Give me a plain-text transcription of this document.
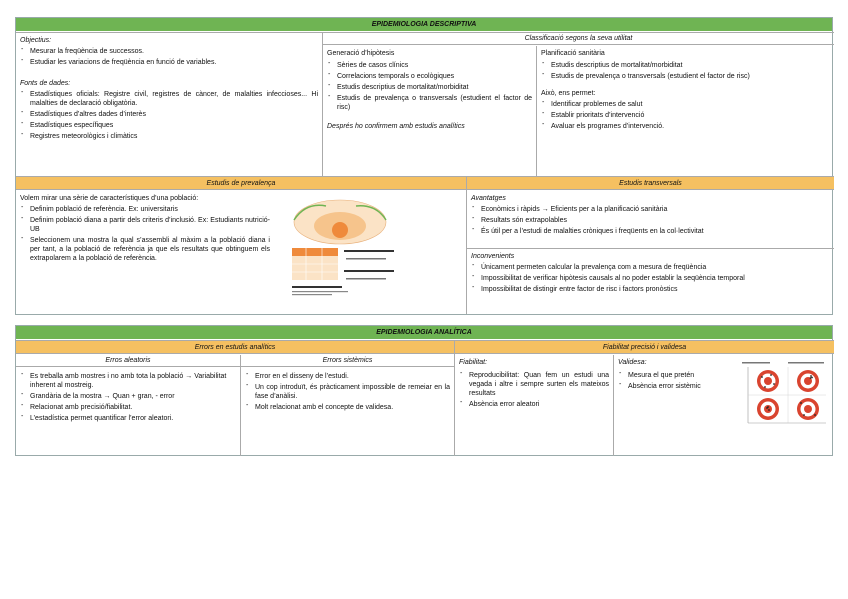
EPIDEMIOLOGIA DESCRIPTIVA
Objectius:
- Mesurar la freqüència de successos.
- Estudiar les variacions de freqüència en funció de variables.
Fonts de dades:
- Estadístiques oficials: Registre civil, registres de càncer, de malalties infeccioses... Hi malalties de declaració obligatòria.
- Estadístiques d’altres dades d’interès
- Estadístiques específiques
- Registres meteorològics i climàtics
Classificació segons la seva utilitat
Generació d’hipòtesis
- Sèries de casos clínics
- Correlacions temporals o ecològiques
- Estudis descriptius de mortalitat/morbiditat
- Estudis de prevalença o transversals (estudient el factor de risc)
Després ho confirmem amb estudis analítics
Planificació sanitària
- Estudis descriptius de mortalitat/morbiditat
- Estudis de prevalença o transversals (estudient el factor de risc)
Això, ens permet:
- Identificar problemes de salut
- Establir prioritats d’intervenció
- Avaluar els programes d’intervenció.
Estudis de prevalença
Volem mirar una sèrie de característiques d’una població:
- Definim població de referència. Ex: universitaris
- Definim població diana a partir dels criteris d’inclusió. Ex: Estudiants nutrició-UB
- Seleccionem una mostra la qual s’assembli al màxim a la població diana i per tant, a la població de referència ja que els resultats que obtinguem els extrapolarem a la població de referència.
Estudis transversals
Avantatges
- Econòmics i ràpids → Eficients per a la planificació sanitària
- Resultats són extrapolables
- És útil per a l’estudi de malalties cròniques i freqüents en la col·lectivitat
Inconvenients
- Únicament permeten calcular la prevalença com a mesura de freqüència
- Impossibilitat de verificar hipòtesis causals al no poder establir la seqüència temporal
- Impossibilitat de distingir entre factor de risc i factors pronòstics
EPIDEMIOLOGIA ANALÍTICA
Errors en estudis analítics
Erros aleatoris
- Es treballa amb mostres i no amb tota la població → Variabilitat inherent al mostreig.
- Grandària de la mostra → Quan + gran, - error
- Relacionat amb precisió/fiabilitat.
- L’estadística permet quantificar l’error aleatori.
Errors sistèmics
- Error en el disseny de l’estudi.
- Un cop introduït, és pràcticament impossible de remeiar en la fase d’anàlisi.
- Molt relacionat amb el concepte de validesa.
Fiabilitat precisió i validesa
Fiabilitat:
- Reproducibilitat: Quan fem un estudi una vegada i altre i sempre surten els mateixos resultats
- Absència error aleatori
Validesa:
- Mesura el que pretén
- Absència error sistèmic
